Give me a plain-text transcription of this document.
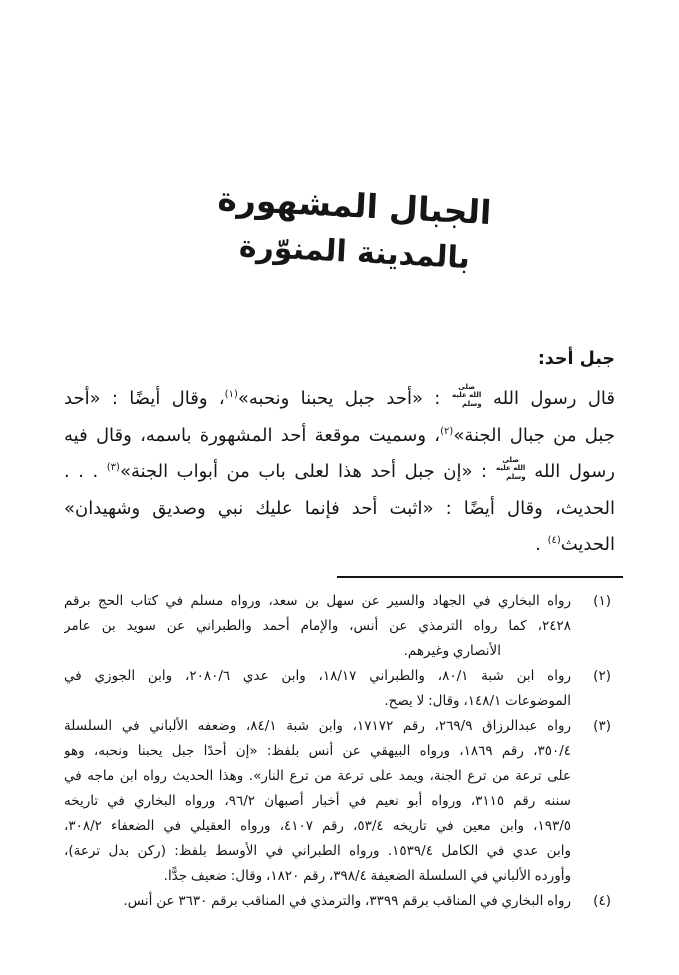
الجبال المشهورة
بالمدينة المنوّرة
جبل أحد:
قال رسول الله صلى الله عليه وسلم : «أحد جبل يحبنا ونحبه»$^{(١)}$، وقال أيضًا : «أحد
جبل من جبال الجنة»$^{(٢)}$، وسميت موقعة أحد المشهورة باسمه، وقال فيه
رسول الله صلى الله عليه وسلم : «إن جبل أحد هذا لعلى باب من أبواب الجنة»$^{(٣)}$ . . .
الحديث، وقال أيضًا : «اثبت أحد فإنما عليك نبي وصديق وشهيدان»
الحديث$^{(٤)}$ .
(١)
رواه البخاري في الجهاد والسير عن سهل بن سعد، ورواه مسلم في كتاب الحج برقم
٢٤٢٨، كما رواه الترمذي عن أنس، والإمام أحمد والطبراني عن سويد بن عامر
الأنصاري وغيرهم.
(٢)
رواه ابن شبة ٨٠/١، والطبراني ١٨/١٧، وابن عدي ٢٠٨٠/٦، وابن الجوزي في
الموضوعات ١٤٨/١، وقال: لا يصح.
(٣)
رواه عبدالرزاق ٢٦٩/٩، رقم ١٧١٧٢، وابن شبة ٨٤/١، وضعفه الألباني في السلسلة
٣٥٠/٤، رقم ١٨٦٩، ورواه البيهقي عن أنس بلفظ: «إن أحدًا جبل يحبنا ونحبه، وهو
على ترعة من ترع الجنة، ويمد على ترعة من ترع النار». وهذا الحديث رواه ابن ماجه في
سننه رقم ٣١١٥، ورواه أبو نعيم في أخبار أصبهان ٩٦/٢، ورواه البخاري في تاريخه
١٩٣/٥، وابن معين في تاريخه ٥٣/٤، رقم ٤١٠٧، ورواه العقيلي في الضعفاء ٣٠٨/٢،
وابن عدي في الكامل ١٥٣٩/٤. ورواه الطبراني في الأوسط بلفظ: (ركن بدل ترعة)،
وأورده الألباني في السلسلة الضعيفة ٣٩٨/٤، رقم ١٨٢٠، وقال: ضعيف جدًّا.
(٤)
رواه البخاري في المناقب برقم ٣٣٩٩، والترمذي في المناقب برقم ٣٦٣٠ عن أنس.
